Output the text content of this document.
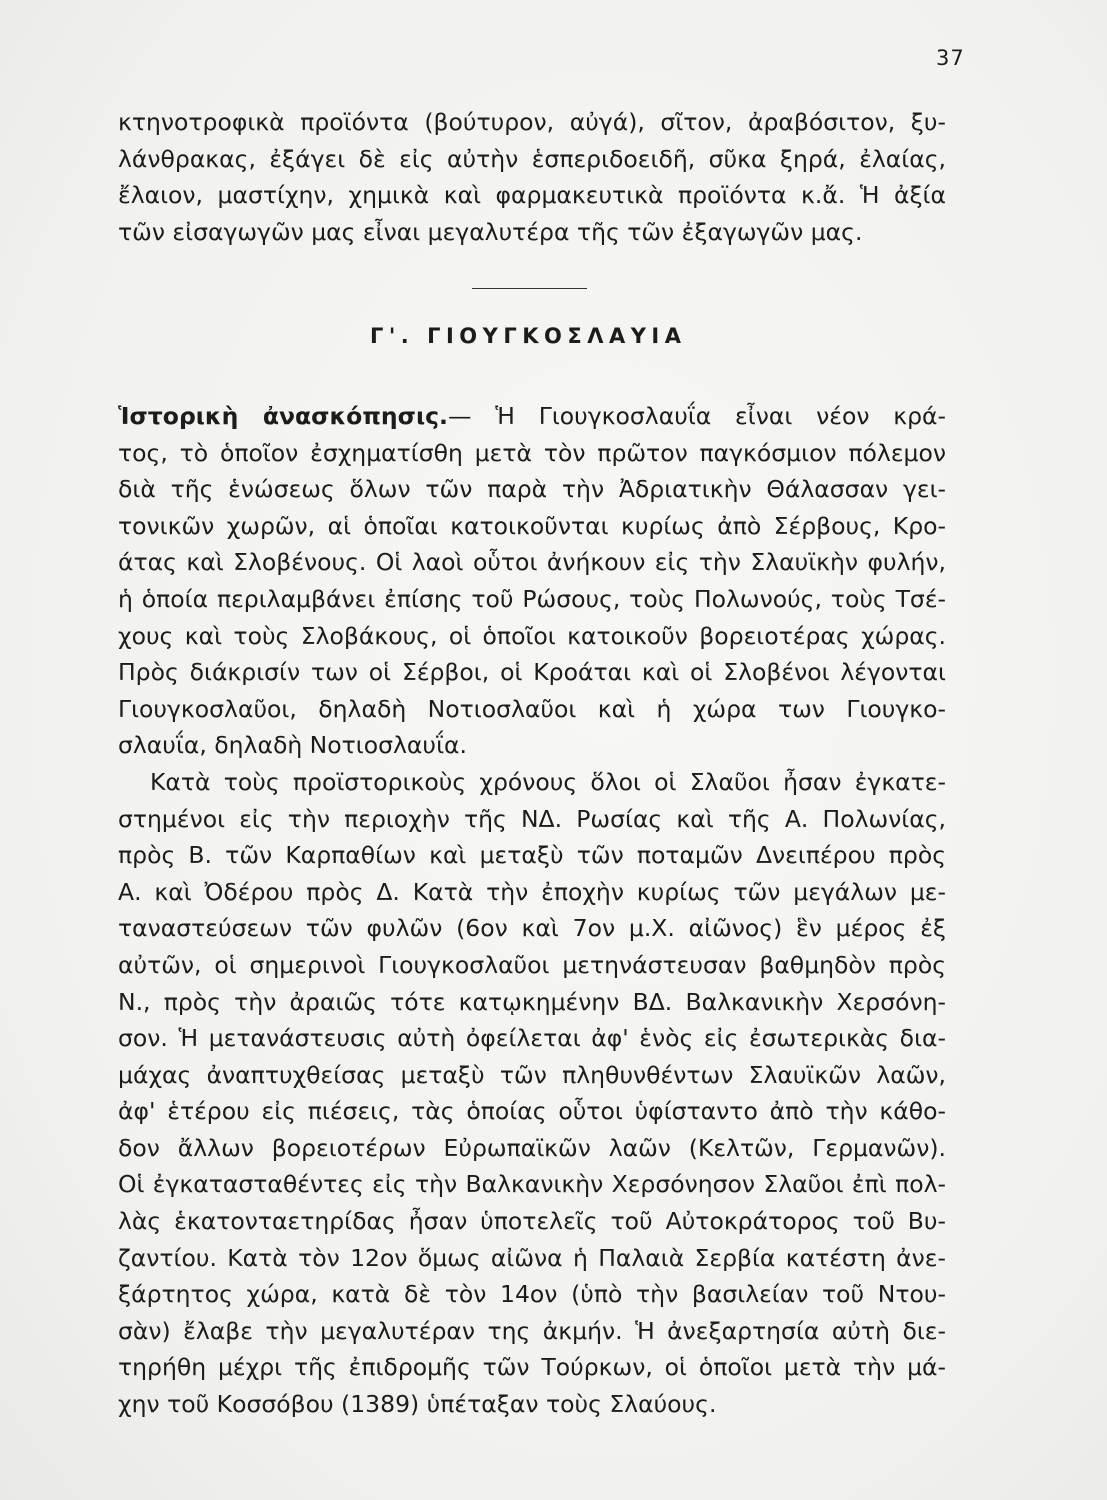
37
κτηνοτροφικὰ προϊόντα (βούτυρον, αὐγά), σῖτον, ἀραβόσιτον, ξυ-
λάνθρακας, ἐξάγει δὲ εἰς αὐτὴν ἑσπεριδοειδῆ, σῦκα ξηρά, ἐλαίας,
ἔλαιον, μαστίχην, χημικὰ καὶ φαρμακευτικὰ προϊόντα κ.ἄ. Ἡ ἀξία
τῶν εἰσαγωγῶν μας εἶναι μεγαλυτέρα τῆς τῶν ἐξαγωγῶν μας.
Γ'. ΓΙΟΥΓΚΟΣΛΑΥΙΑ
Ἱστορικὴ ἀνασκόπησις.— Ἡ Γιουγκοσλαυΐα εἶναι νέον κρά-
τος, τὸ ὁποῖον ἐσχηματίσθη μετὰ τὸν πρῶτον παγκόσμιον πόλεμον
διὰ τῆς ἑνώσεως ὅλων τῶν παρὰ τὴν Ἀδριατικὴν Θάλασσαν γει-
τονικῶν χωρῶν, αἱ ὁποῖαι κατοικοῦνται κυρίως ἀπὸ Σέρβους, Κρο-
άτας καὶ Σλοβένους. Οἱ λαοὶ οὗτοι ἀνήκουν εἰς τὴν Σλαυϊκὴν φυλήν,
ἡ ὁποία περιλαμβάνει ἐπίσης τοῦ Ρώσους, τοὺς Πολωνούς, τοὺς Τσέ-
χους καὶ τοὺς Σλοβάκους, οἱ ὁποῖοι κατοικοῦν βορειοτέρας χώρας.
Πρὸς διάκρισίν των οἱ Σέρβοι, οἱ Κροάται καὶ οἱ Σλοβένοι λέγονται
Γιουγκοσλαῦοι, δηλαδὴ Νοτιοσλαῦοι καὶ ἡ χώρα των Γιουγκο-
σλαυΐα, δηλαδὴ Νοτιοσλαυΐα.
Κατὰ τοὺς προϊστορικοὺς χρόνους ὅλοι οἱ Σλαῦοι ἦσαν ἐγκατε-
στημένοι εἰς τὴν περιοχὴν τῆς ΝΔ. Ρωσίας καὶ τῆς Α. Πολωνίας,
πρὸς Β. τῶν Καρπαθίων καὶ μεταξὺ τῶν ποταμῶν Δνειπέρου πρὸς
Α. καὶ Ὀδέρου πρὸς Δ. Κατὰ τὴν ἐποχὴν κυρίως τῶν μεγάλων με-
ταναστεύσεων τῶν φυλῶν (6ον καὶ 7ον μ.Χ. αἰῶνος) ἓν μέρος ἐξ
αὐτῶν, οἱ σημερινοὶ Γιουγκοσλαῦοι μετηνάστευσαν βαθμηδὸν πρὸς
Ν., πρὸς τὴν ἀραιῶς τότε κατῳκημένην ΒΔ. Βαλκανικὴν Χερσόνη-
σον. Ἡ μετανάστευσις αὐτὴ ὀφείλεται ἀφ' ἑνὸς εἰς ἐσωτερικὰς δια-
μάχας ἀναπτυχθείσας μεταξὺ τῶν πληθυνθέντων Σλαυϊκῶν λαῶν,
ἀφ' ἑτέρου εἰς πιέσεις, τὰς ὁποίας οὗτοι ὑφίσταντο ἀπὸ τὴν κάθο-
δον ἄλλων βορειοτέρων Εὐρωπαϊκῶν λαῶν (Κελτῶν, Γερμανῶν).
Οἱ ἐγκατασταθέντες εἰς τὴν Βαλκανικὴν Χερσόνησον Σλαῦοι ἐπὶ πολ-
λὰς ἑκατονταετηρίδας ἦσαν ὑποτελεῖς τοῦ Αὐτοκράτορος τοῦ Βυ-
ζαντίου. Κατὰ τὸν 12ον ὅμως αἰῶνα ἡ Παλαιὰ Σερβία κατέστη ἀνε-
ξάρτητος χώρα, κατὰ δὲ τὸν 14ον (ὑπὸ τὴν βασιλείαν τοῦ Ντου-
σὰν) ἔλαβε τὴν μεγαλυτέραν της ἀκμήν. Ἡ ἀνεξαρτησία αὐτὴ διε-
τηρήθη μέχρι τῆς ἐπιδρομῆς τῶν Τούρκων, οἱ ὁποῖοι μετὰ τὴν μά-
χην τοῦ Κοσσόβου (1389) ὑπέταξαν τοὺς Σλαύους.
